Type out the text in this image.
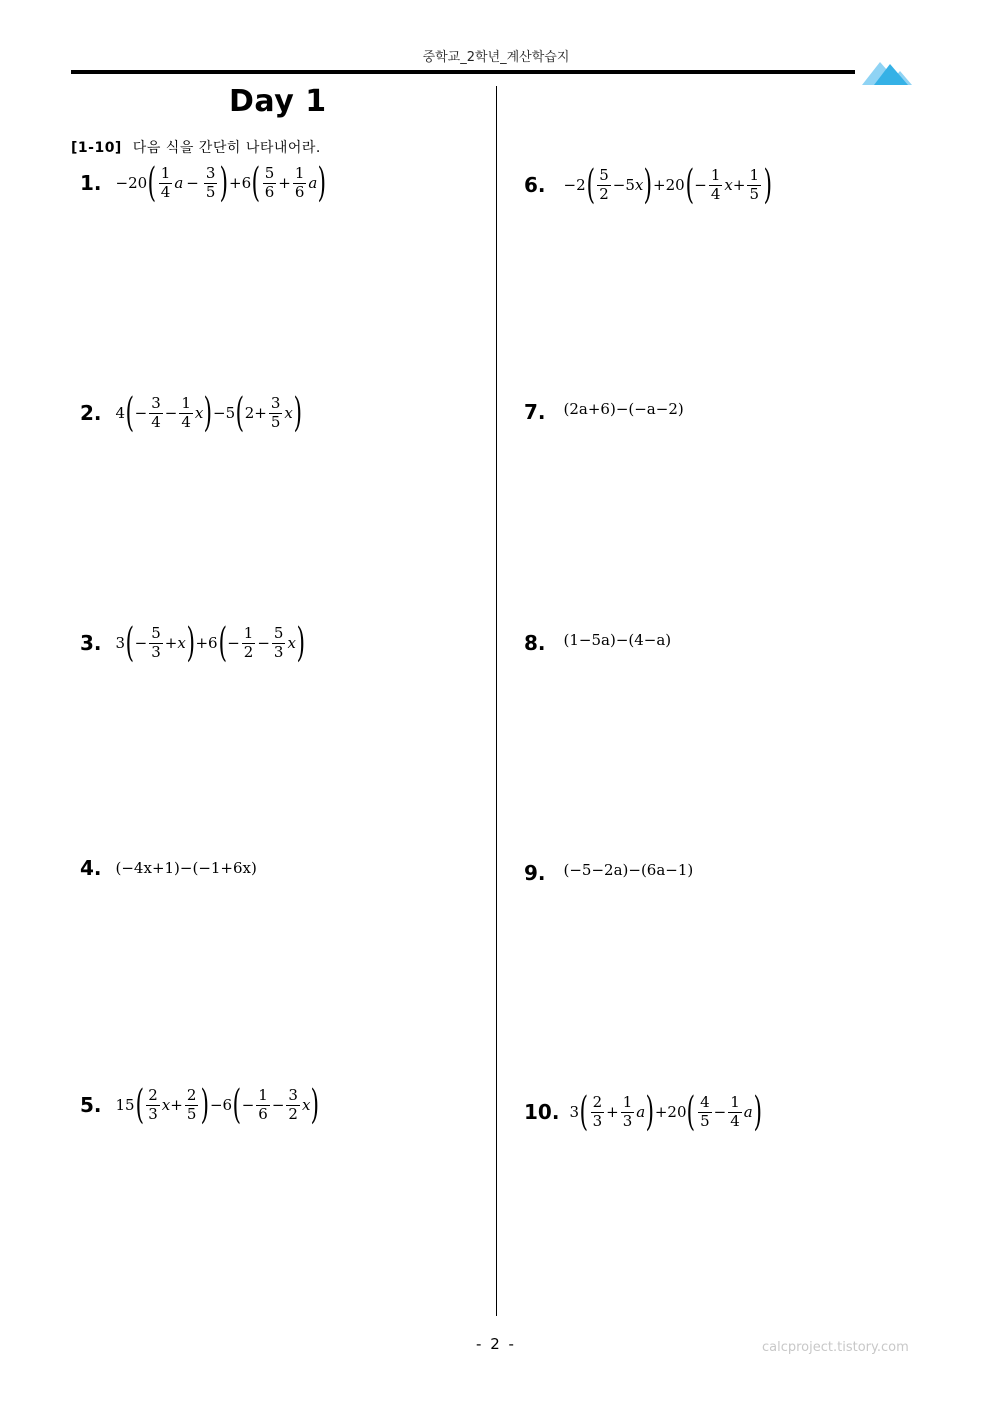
중학교_2학년_계산학습지
Day 1
[1-10] 다음 식을 간단히 나타내어라.
1. −20 ( $\frac{1}{4}$ $a - \frac{3}{5}$ ) +6 ( $\frac{5}{6} + \frac{1}{6}$ a )
2. 4 ( − $\frac{3}{4} - \frac{1}{4}$ x ) −5 ( $2+ \frac{3}{5}$ x )
3. 3 ( − $\frac{5}{3} + x$ ) +6 ( − $\frac{1}{2} - \frac{5}{3}$ x )
4. (−4x+1)−(−1+6x)
5. 15 ( $\frac{2}{3}$ $x + \frac{2}{5}$ ) −6 ( − $\frac{1}{6} - \frac{3}{2}$ x )
6. −2 ( $\frac{5}{2} -5$ x ) +20 ( − $\frac{1}{4}$ $x + \frac{1}{5}$ )
7. (2a+6)−(−a−2)
8. (1−5a)−(4−a)
9. (−5−2a)−(6a−1)
10. 3 ( $\frac{2}{3} + \frac{1}{3}$ a ) +20 ( $\frac{4}{5} - \frac{1}{4}$ a )
- 2 -	calcproject.tistory.com
